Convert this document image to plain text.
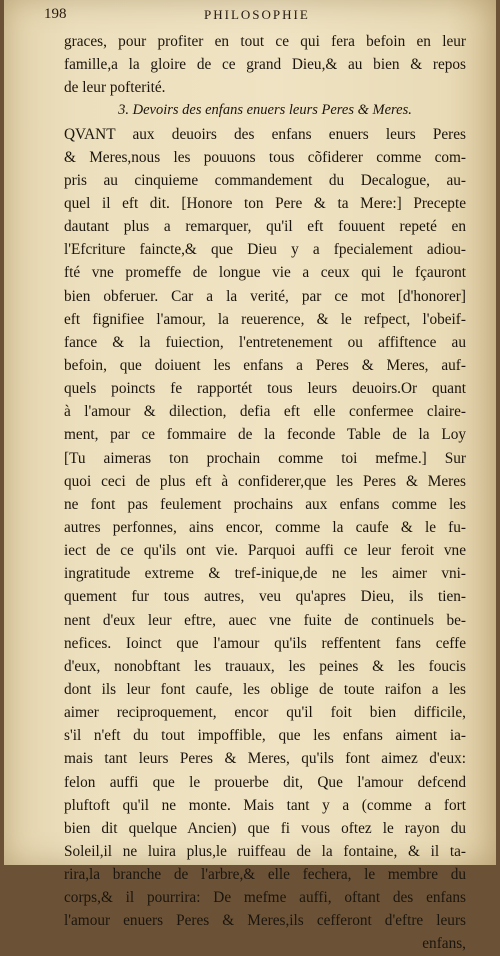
198	PHILOSOPHIE
graces, pour profiter en tout ce qui fera befoin en leur
famille,a la gloire de ce grand Dieu,& au bien & repos
de leur pofterité.
3. Devoirs des enfans enuers leurs Peres & Meres.
QVANT aux deuoirs des enfans enuers leurs Peres
& Meres,nous les pouuons tous cõfiderer comme com-
pris au cinquieme commandement du Decalogue, au-
quel il eft dit. [Honore ton Pere & ta Mere:] Precepte
dautant plus a remarquer, qu'il eft fouuent repeté en
l'Efcriture faincte,& que Dieu y a fpecialement adiou-
fté vne promeffe de longue vie a ceux qui le fçauront
bien obferuer. Car a la verité, par ce mot [d'honorer]
eft fignifiee l'amour, la reuerence, & le refpect, l'obeif-
fance & la fuiection, l'entretenement ou affiftence au
befoin, que doiuent les enfans a Peres & Meres, auf-
quels poincts fe rapportét tous leurs deuoirs.Or quant
à l'amour & dilection, defia eft elle confermee claire-
ment, par ce fommaire de la feconde Table de la Loy
[Tu aimeras ton prochain comme toi mefme.] Sur
quoi ceci de plus eft à confiderer,que les Peres & Meres
ne font pas feulement prochains aux enfans comme les
autres perfonnes, ains encor, comme la caufe & le fu-
iect de ce qu'ils ont vie. Parquoi auffi ce leur feroit vne
ingratitude extreme & tref-inique,de ne les aimer vni-
quement fur tous autres, veu qu'apres Dieu, ils tien-
nent d'eux leur eftre, auec vne fuite de continuels be-
nefices. Ioinct que l'amour qu'ils reffentent fans ceffe
d'eux, nonobftant les trauaux, les peines & les foucis
dont ils leur font caufe, les oblige de toute raifon a les
aimer reciproquement, encor qu'il foit bien difficile,
s'il n'eft du tout impoffible, que les enfans aiment ia-
mais tant leurs Peres & Meres, qu'ils font aimez d'eux:
felon auffi que le prouerbe dit, Que l'amour defcend
pluftoft qu'il ne monte. Mais tant y a (comme a fort
bien dit quelque Ancien) que fi vous oftez le rayon du
Soleil,il ne luira plus,le ruiffeau de la fontaine, & il ta-
rira,la branche de l'arbre,& elle fechera, le membre du
corps,& il pourrira: De mefme auffi, oftant des enfans
l'amour enuers Peres & Meres,ils cefferont d'eftre leurs
enfans,
